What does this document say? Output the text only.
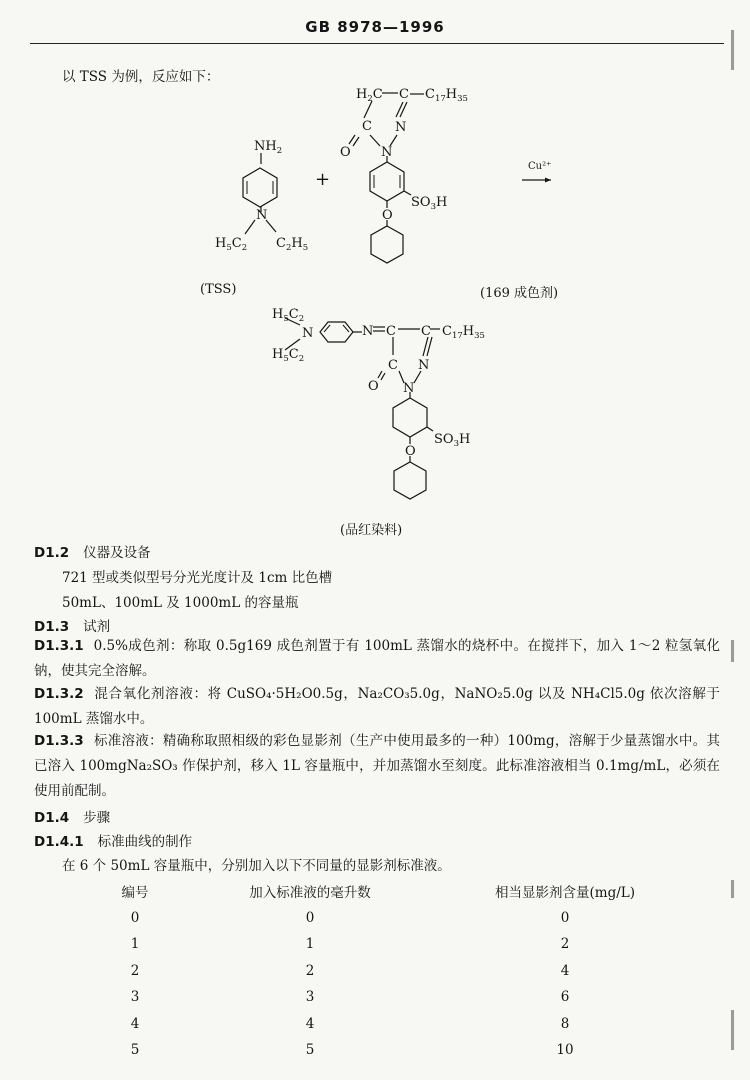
GB 8978—1996
以 TSS 为例，反应如下：
$NH_2$
N
$H_5C_2$ $C_2H_5$
+
$H_2C$ C $C_{17}H_{35}$
C N
O N
$SO_3H$
O
Cu²⁺
(TSS)	(169 成色剂)
$H_5C_2$
N
$H_5C_2$
N C C $C_{17}H_{35}$
C N
O N
$SO_3H$
O
(品红染料)
D1.2 仪器及设备
721 型或类似型号分光光度计及 1cm 比色槽
50mL、100mL 及 1000mL 的容量瓶
D1.3 试剂
D1.3.1 0.5%成色剂：称取 0.5g169 成色剂置于有 100mL 蒸馏水的烧杯中。在搅拌下，加入 1～2 粒氢氧化钠，使其完全溶解。
D1.3.2 混合氧化剂溶液：将 CuSO₄·5H₂O0.5g，Na₂CO₃5.0g，NaNO₂5.0g 以及 NH₄Cl5.0g 依次溶解于 100mL 蒸馏水中。
D1.3.3 标准溶液：精确称取照相级的彩色显影剂（生产中使用最多的一种）100mg，溶解于少量蒸馏水中。其已溶入 100mgNa₂SO₃ 作保护剂，移入 1L 容量瓶中，并加蒸馏水至刻度。此标准溶液相当 0.1mg/mL，必须在使用前配制。
D1.4 步骤
D1.4.1 标准曲线的制作
在 6 个 50mL 容量瓶中，分别加入以下不同量的显影剂标准液。
编号	加入标准液的毫升数	相当显影剂含量(mg/L)
0	0	0
1	1	2
2	2	4
3	3	6
4	4	8
5	5	10
